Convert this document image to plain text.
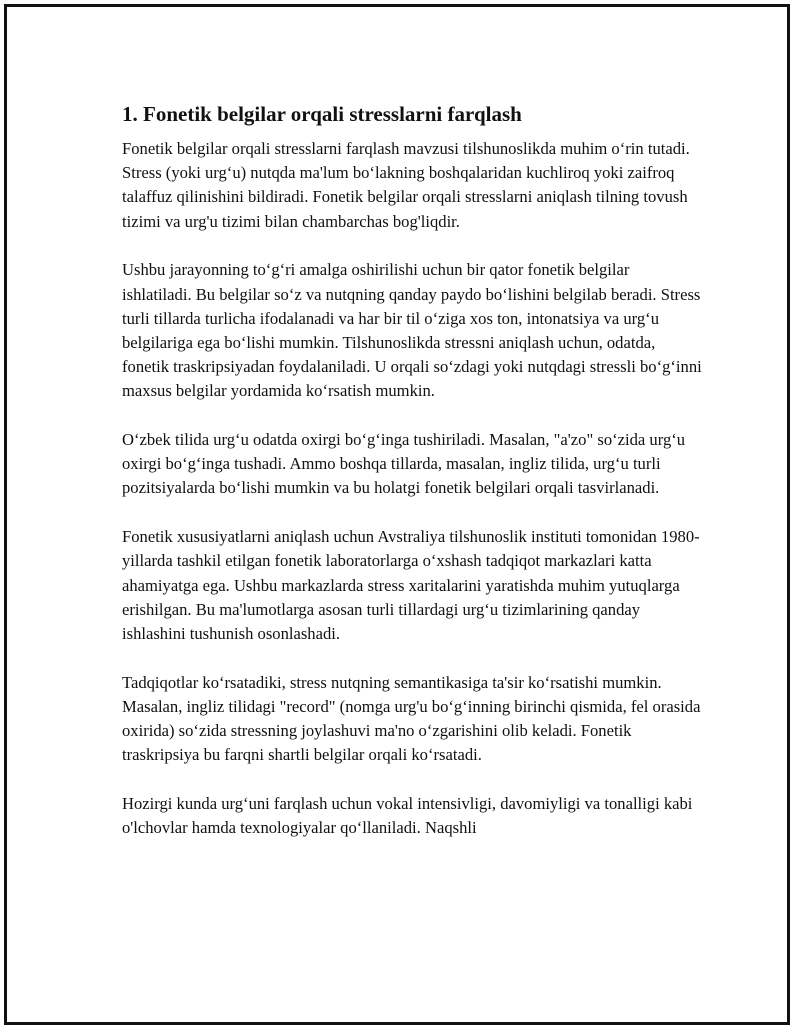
1. Fonetik belgilar orqali stresslarni farqlash

Fonetik belgilar orqali stresslarni farqlash mavzusi tilshunoslikda muhim o‘rin tutadi. Stress (yoki urg‘u) nutqda ma'lum bo‘lakning boshqalaridan kuchliroq yoki zaifroq talaffuz qilinishini bildiradi. Fonetik belgilar orqali stresslarni aniqlash tilning tovush tizimi va urg'u tizimi bilan chambarchas bog'liqdir.

Ushbu jarayonning to‘g‘ri amalga oshirilishi uchun bir qator fonetik belgilar ishlatiladi. Bu belgilar so‘z va nutqning qanday paydo bo‘lishini belgilab beradi. Stress turli tillarda turlicha ifodalanadi va har bir til o‘ziga xos ton, intonatsiya va urg‘u belgilariga ega bo‘lishi mumkin. Tilshunoslikda stressni aniqlash uchun, odatda, fonetik traskripsiyadan foydalaniladi. U orqali so‘zdagi yoki nutqdagi stressli bo‘g‘inni maxsus belgilar yordamida ko‘rsatish mumkin.

O‘zbek tilida urg‘u odatda oxirgi bo‘g‘inga tushiriladi. Masalan, "a'zo" so‘zida urg‘u oxirgi bo‘g‘inga tushadi. Ammo boshqa tillarda, masalan, ingliz tilida, urg‘u turli pozitsiyalarda bo‘lishi mumkin va bu holatgi fonetik belgilari orqali tasvirlanadi.

Fonetik xususiyatlarni aniqlash uchun Avstraliya tilshunoslik instituti tomonidan 1980-yillarda tashkil etilgan fonetik laboratorlarga o‘xshash tadqiqot markazlari katta ahamiyatga ega. Ushbu markazlarda stress xaritalarini yaratishda muhim yutuqlarga erishilgan. Bu ma'lumotlarga asosan turli tillardagi urg‘u tizimlarining qanday ishlashini tushunish osonlashadi.

Tadqiqotlar ko‘rsatadiki, stress nutqning semantikasiga ta'sir ko‘rsatishi mumkin. Masalan, ingliz tilidagi "record" (nomga urg'u bo‘g‘inning birinchi qismida, fel orasida oxirida) so‘zida stressning joylashuvi ma'no o‘zgarishini olib keladi. Fonetik traskripsiya bu farqni shartli belgilar orqali ko‘rsatadi.

Hozirgi kunda urg‘uni farqlash uchun vokal intensivligi, davomiyligi va tonalligi kabi o'lchovlar hamda texnologiyalar qo‘llaniladi. Naqshli
